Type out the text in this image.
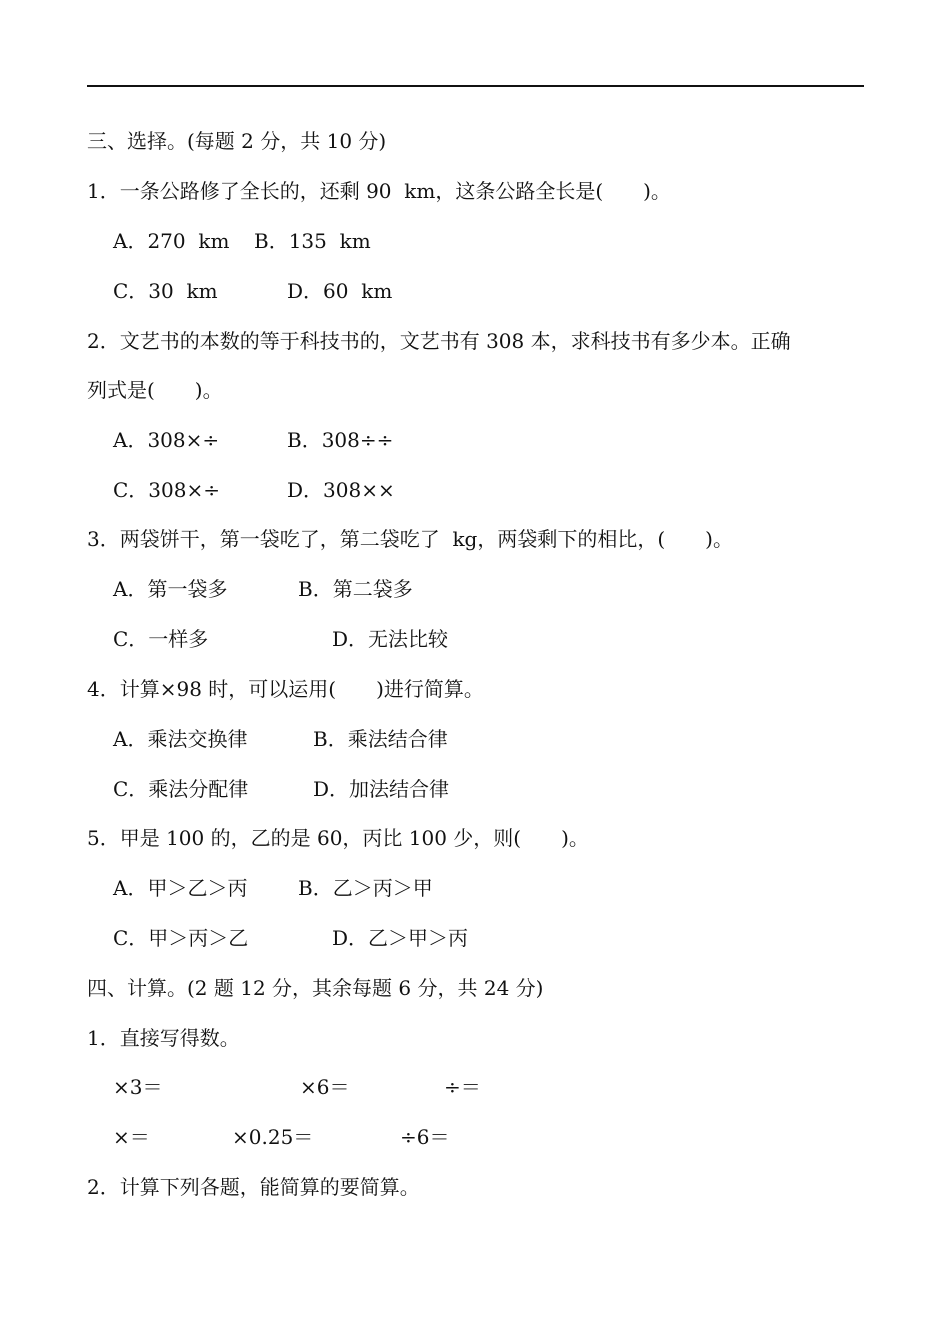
三、选择。(每题 2 分，共 10 分)
1．一条公路修了全长的，还剩 90  km，这条公路全长是(　　)。
A．270  km B．135  km
C．30  km	D．60  km
2．文艺书的本数的等于科技书的，文艺书有 308 本，求科技书有多少本。正确
列式是(　　)。
A．308×÷	B．308÷÷
C．308×÷	D．308××
3．两袋饼干，第一袋吃了，第二袋吃了  kg，两袋剩下的相比，(　　)。
A．第一袋多	B．第二袋多
C．一样多	D．无法比较
4．计算×98 时，可以运用(　　)进行简算。
A．乘法交换律	B．乘法结合律
C．乘法分配律	D．加法结合律
5．甲是 100 的，乙的是 60，丙比 100 少，则(　　)。
A．甲＞乙＞丙	B．乙＞丙＞甲
C．甲＞丙＞乙	D．乙＞甲＞丙
四、计算。(2 题 12 分，其余每题 6 分，共 24 分)
1．直接写得数。
×3＝	×6＝	÷＝
×＝	×0.25＝	÷6＝
2．计算下列各题，能简算的要简算。
